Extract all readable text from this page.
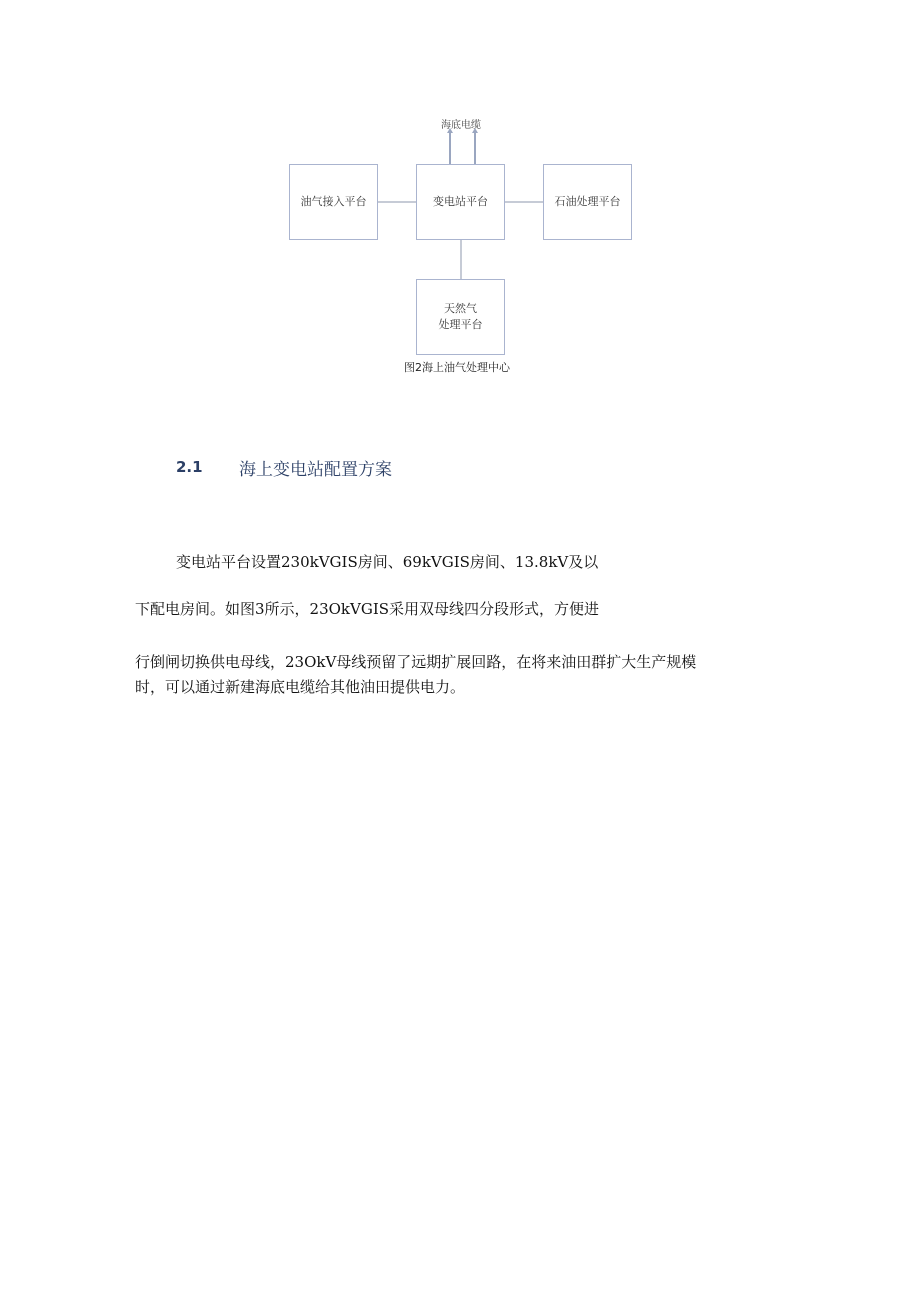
海底电缆
油气接入平台	变电站平台	石油处理平台
天然气
处理平台
图2海上油气处理中心
2.1 海上变电站配置方案
变电站平台设置230kVGIS房间、69kVGIS房间、13.8kV及以
下配电房间。如图3所示，23OkVGIS采用双母线四分段形式，方便进
行倒闸切换供电母线，23OkV母线预留了远期扩展回路，在将来油田群扩大生产规模
时，可以通过新建海底电缆给其他油田提供电力。
